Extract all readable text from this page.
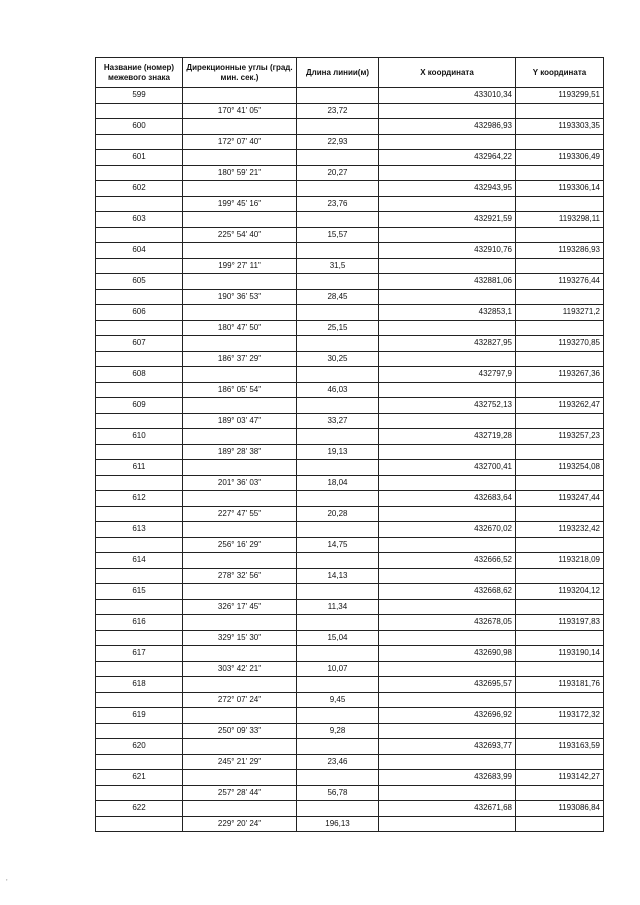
Название (номер) межевого знака	Дирекционные углы (град. мин. сек.)	Длина линии(м)	X координата	Y координата
599			433010,34	1193299,51
	170° 41' 05"	23,72		
600			432986,93	1193303,35
	172° 07' 40"	22,93		
601			432964,22	1193306,49
	180° 59' 21"	20,27		
602			432943,95	1193306,14
	199° 45' 16"	23,76		
603			432921,59	1193298,11
	225° 54' 40"	15,57		
604			432910,76	1193286,93
	199° 27' 11"	31,5		
605			432881,06	1193276,44
	190° 36' 53"	28,45		
606			432853,1	1193271,2
	180° 47' 50"	25,15		
607			432827,95	1193270,85
	186° 37' 29"	30,25		
608			432797,9	1193267,36
	186° 05' 54"	46,03		
609			432752,13	1193262,47
	189° 03' 47"	33,27		
610			432719,28	1193257,23
	189° 28' 38"	19,13		
611			432700,41	1193254,08
	201° 36' 03"	18,04		
612			432683,64	1193247,44
	227° 47' 55"	20,28		
613			432670,02	1193232,42
	256° 16' 29"	14,75		
614			432666,52	1193218,09
	278° 32' 56"	14,13		
615			432668,62	1193204,12
	326° 17' 45"	11,34		
616			432678,05	1193197,83
	329° 15' 30"	15,04		
617			432690,98	1193190,14
	303° 42' 21"	10,07		
618			432695,57	1193181,76
	272° 07' 24"	9,45		
619			432696,92	1193172,32
	250° 09' 33"	9,28		
620			432693,77	1193163,59
	245° 21' 29"	23,46		
621			432683,99	1193142,27
	257° 28' 44"	56,78		
622			432671,68	1193086,84
	229° 20' 24"	196,13		
,
